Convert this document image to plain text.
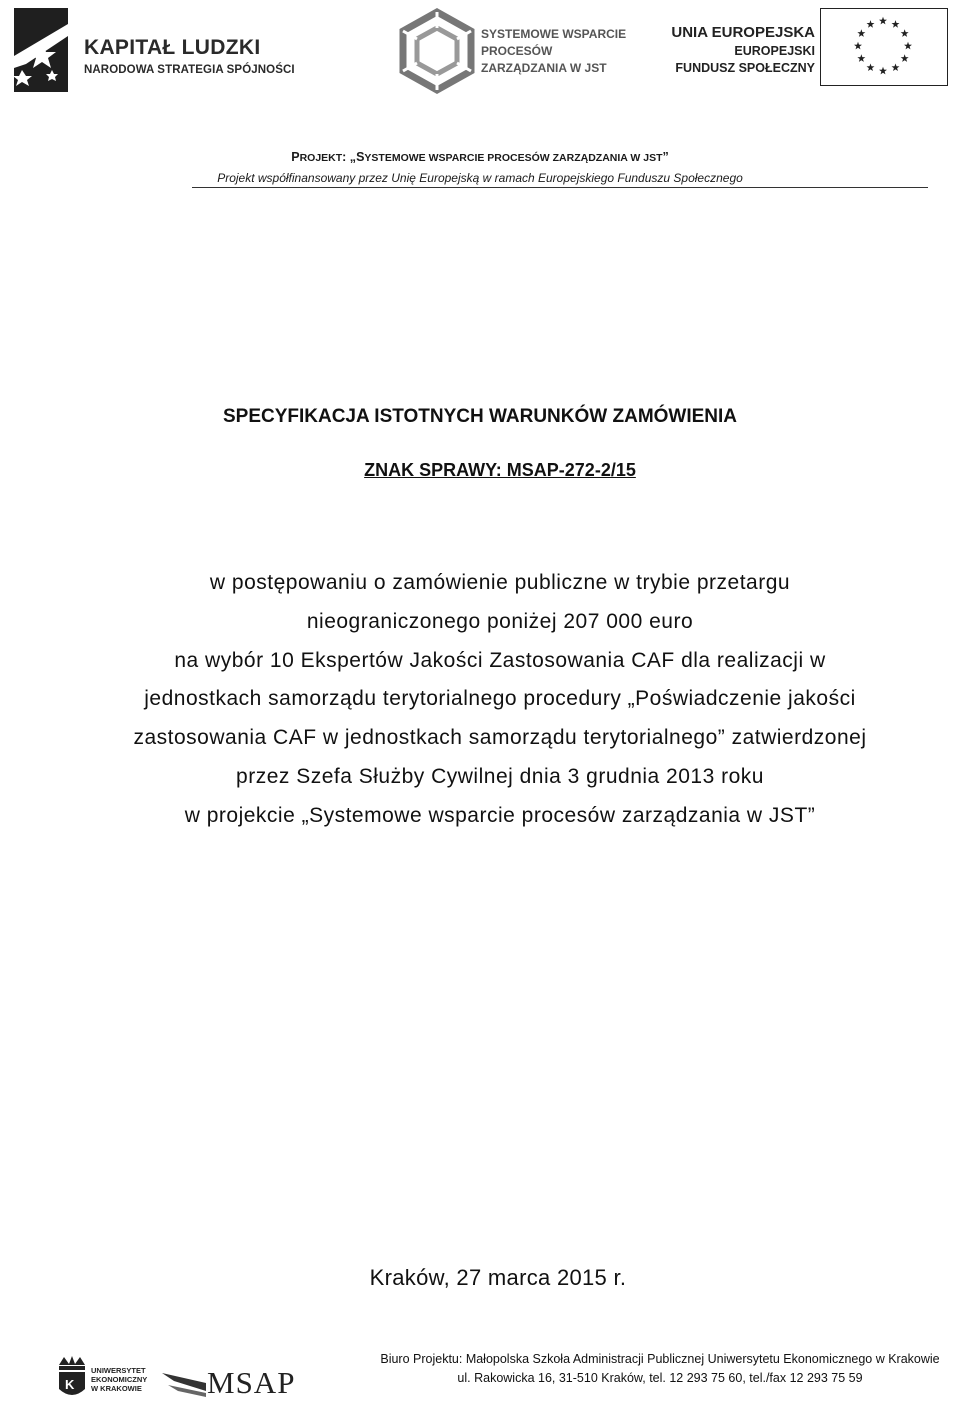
KAPITAŁ LUDZKI
NARODOWA STRATEGIA SPÓJNOŚCI
SYSTEMOWE WSPARCIE
PROCESÓW
ZARZĄDZANIA W JST
UNIA EUROPEJSKA
EUROPEJSKI
FUNDUSZ SPOŁECZNY
PROJEKT: „SYSTEMOWE WSPARCIE PROCESÓW ZARZĄDZANIA W JST”
Projekt współfinansowany przez Unię Europejską w ramach Europejskiego Funduszu Społecznego
SPECYFIKACJA ISTOTNYCH WARUNKÓW ZAMÓWIENIA
ZNAK SPRAWY: MSAP-272-2/15
w postępowaniu o zamówienie publiczne w trybie przetargu
nieograniczonego poniżej 207 000 euro
na wybór 10 Ekspertów Jakości Zastosowania CAF dla realizacji w
jednostkach samorządu terytorialnego procedury „Poświadczenie jakości
zastosowania CAF w jednostkach samorządu terytorialnego” zatwierdzonej
przez Szefa Służby Cywilnej dnia 3 grudnia 2013 roku
w projekcie „Systemowe wsparcie procesów zarządzania w JST”
Kraków, 27 marca 2015 r.
K
UNIWERSYTET
EKONOMICZNY
W KRAKOWIE MSAP
Biuro Projektu: Małopolska Szkoła Administracji Publicznej Uniwersytetu Ekonomicznego w Krakowie
ul. Rakowicka 16, 31-510 Kraków, tel. 12 293 75 60, tel./fax 12 293 75 59
